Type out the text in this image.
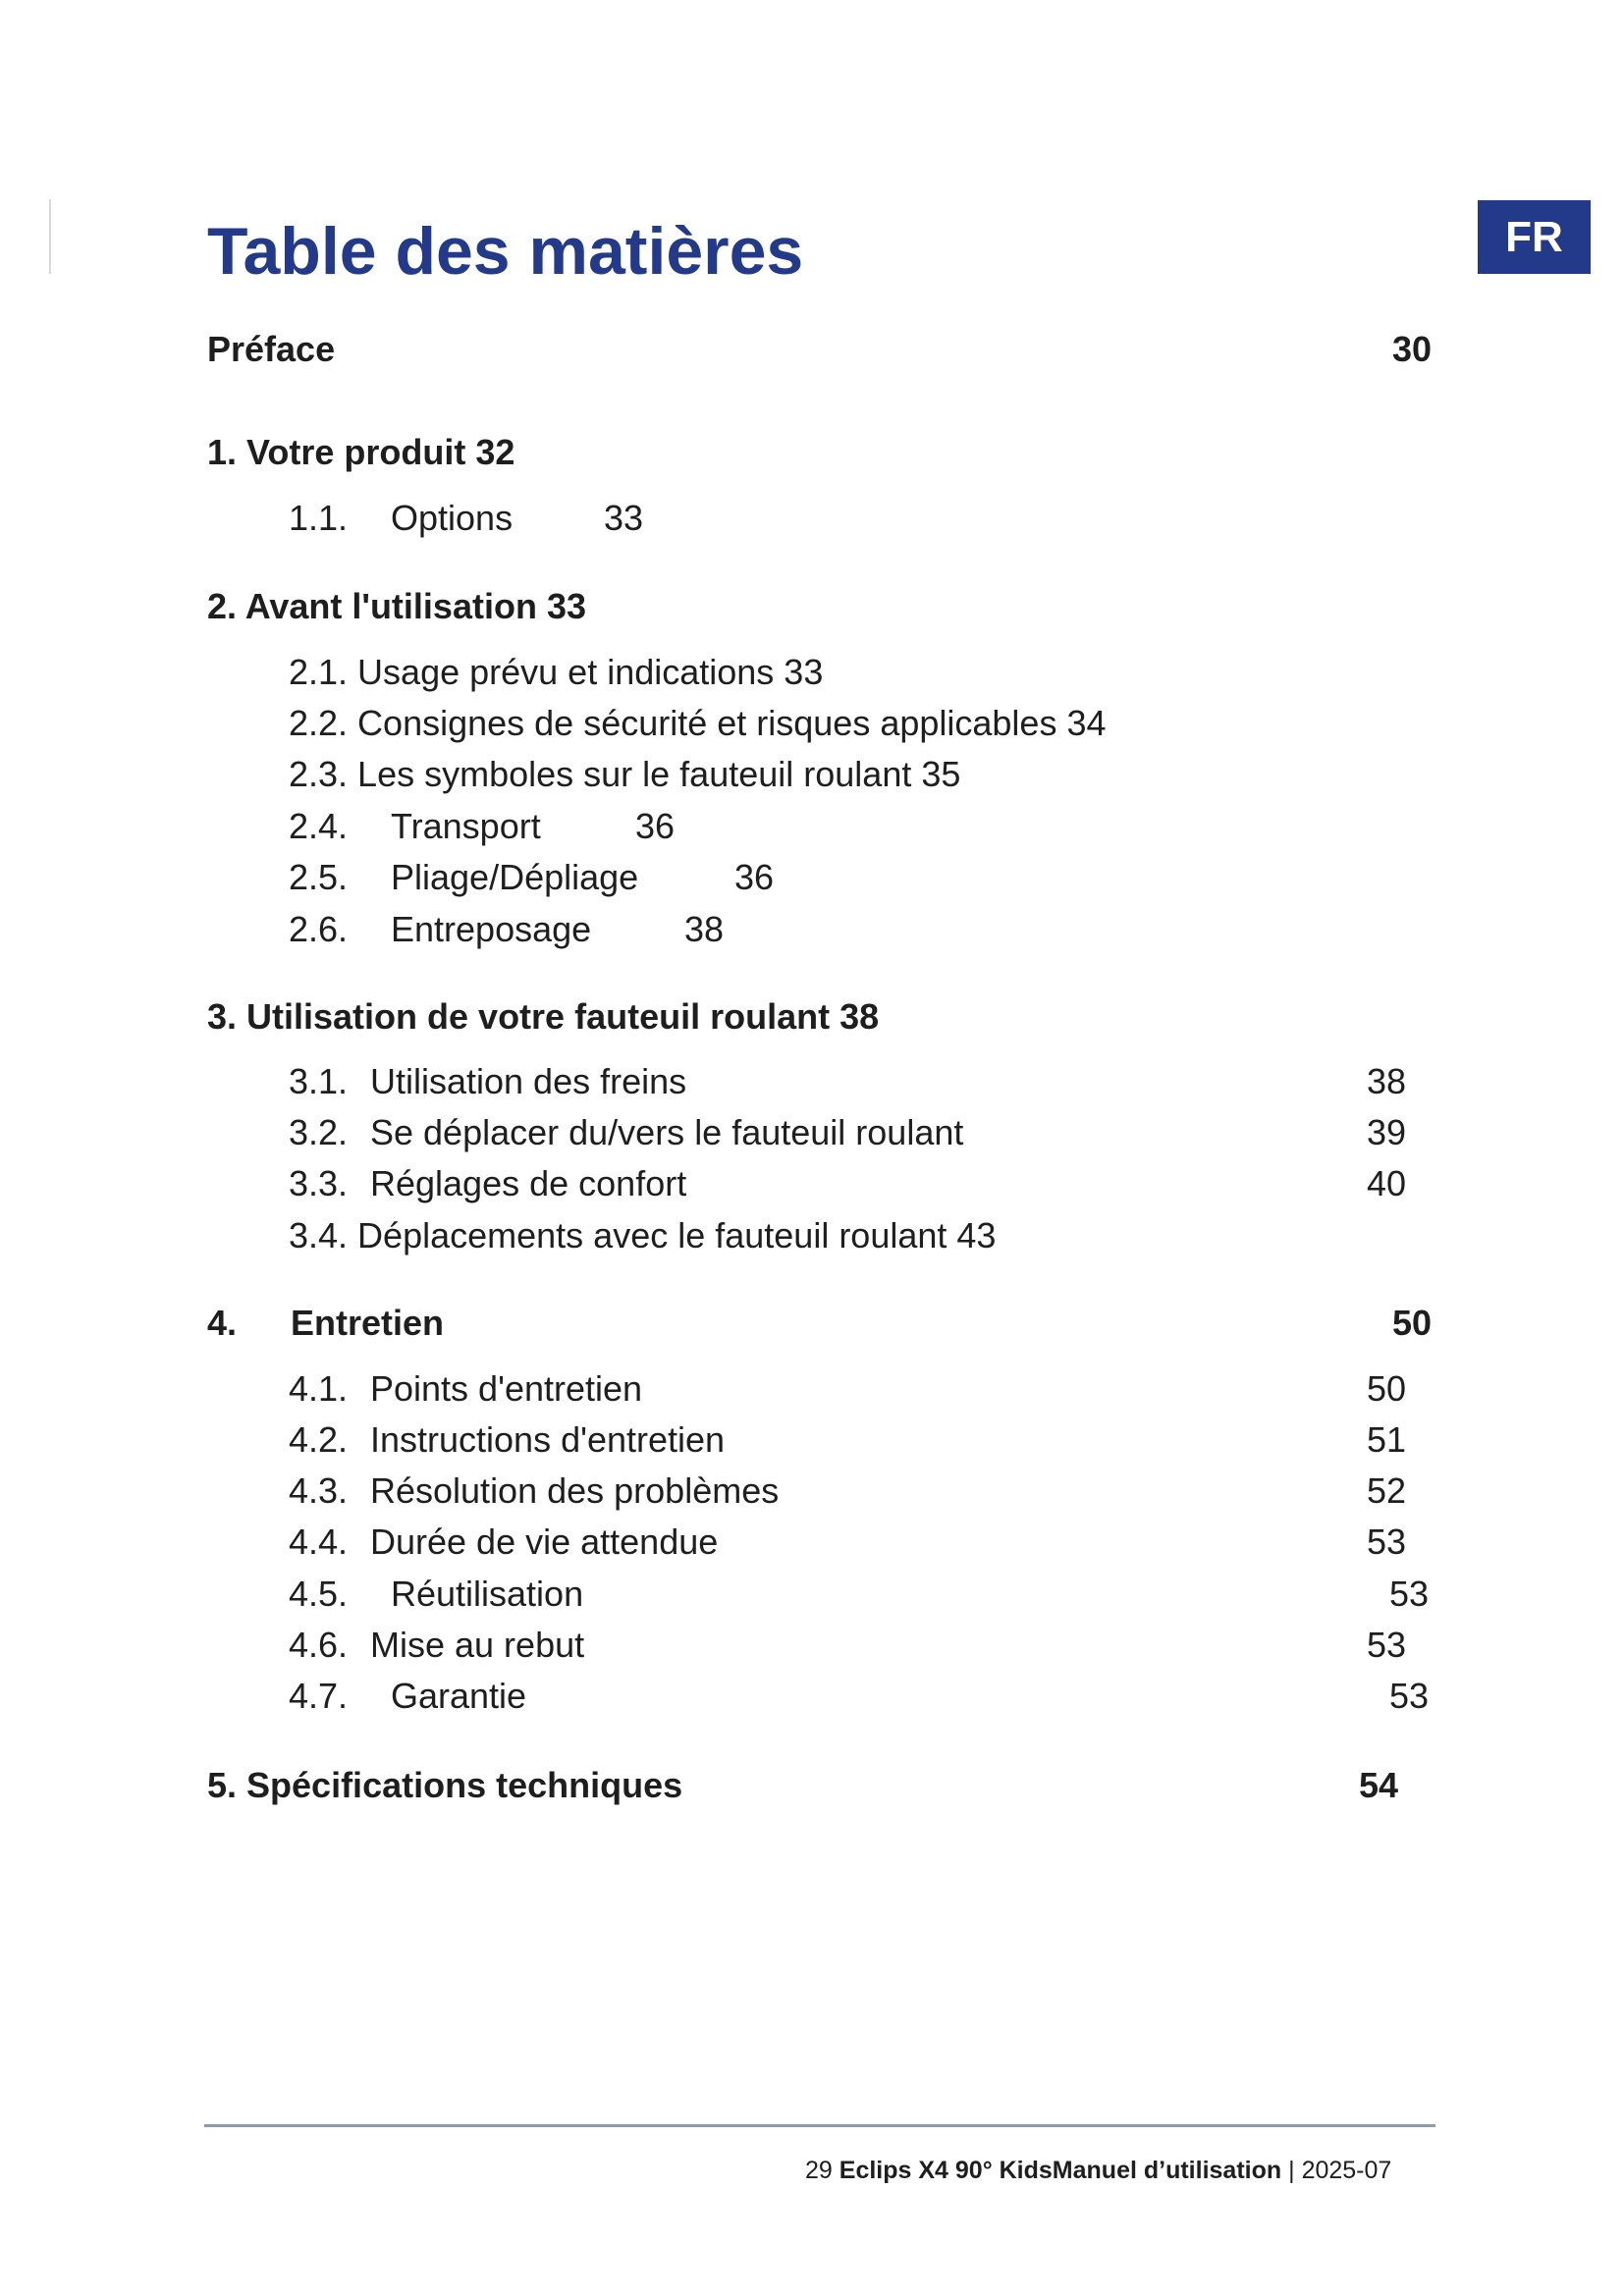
FR
Table des matières
Préface	30
1. Votre produit 32
1.1. Options	33
2. Avant l'utilisation 33
2.1. Usage prévu et indications 33
2.2. Consignes de sécurité et risques applicables 34
2.3. Les symboles sur le fauteuil roulant 35
2.4. Transport	36
2.5. Pliage/Dépliage	36
2.6. Entreposage	38
3. Utilisation de votre fauteuil roulant 38
3.1. Utilisation des freins	38
3.2. Se déplacer du/vers le fauteuil roulant	39
3.3. Réglages de confort	40
3.4. Déplacements avec le fauteuil roulant 43
4. Entretien	50
4.1. Points d'entretien	50
4.2. Instructions d'entretien	51
4.3. Résolution des problèmes	52
4.4. Durée de vie attendue	53
4.5. Réutilisation	53
4.6. Mise au rebut	53
4.7. Garantie	53
5. Spécifications techniques	54
29 Eclips X4 90° KidsManuel d’utilisation | 2025-07
